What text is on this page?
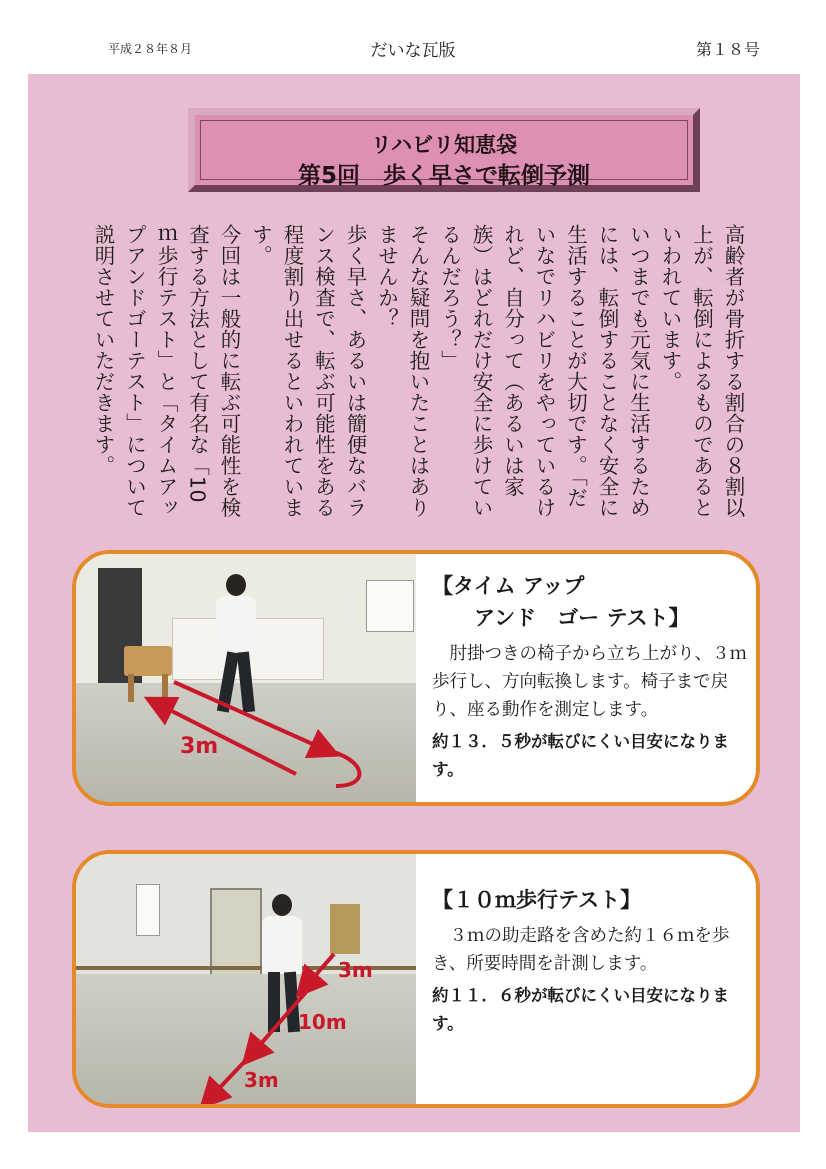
平成２８年８月	だいな瓦版	第１８号
リハビリ知恵袋
第5回　歩く早さで転倒予測

高齢者が骨折する割合の８割以上が、転倒によるものであるといわれています。

いつまでも元気に生活するためには、転倒することなく安全に生活することが大切です。「だいなでリハビリをやっているけれど、自分って（あるいは家族）はどれだけ安全に歩けているんだろう？」

そんな疑問を抱いたことはありませんか？

歩く早さ、あるいは簡便なバランス検査で、転ぶ可能性をある程度割り出せるといわれています。

今回は一般的に転ぶ可能性を検査する方法として有名な「10ｍ歩行テスト」と「タイムアップアンドゴーテスト」について説明させていただきます。

3m
【タイム アップ
　　アンド　ゴー テスト】
肘掛つきの椅子から立ち上がり、３ｍ歩行し、方向転換します。椅子まで戻り、座る動作を測定します。
約１３．５秒が転びにくい目安になります。
3m
10m
3m
【１０ｍ歩行テスト】
３ｍの助走路を含めた約１６ｍを歩き、所要時間を計測します。
約１１．６秒が転びにくい目安になります。
